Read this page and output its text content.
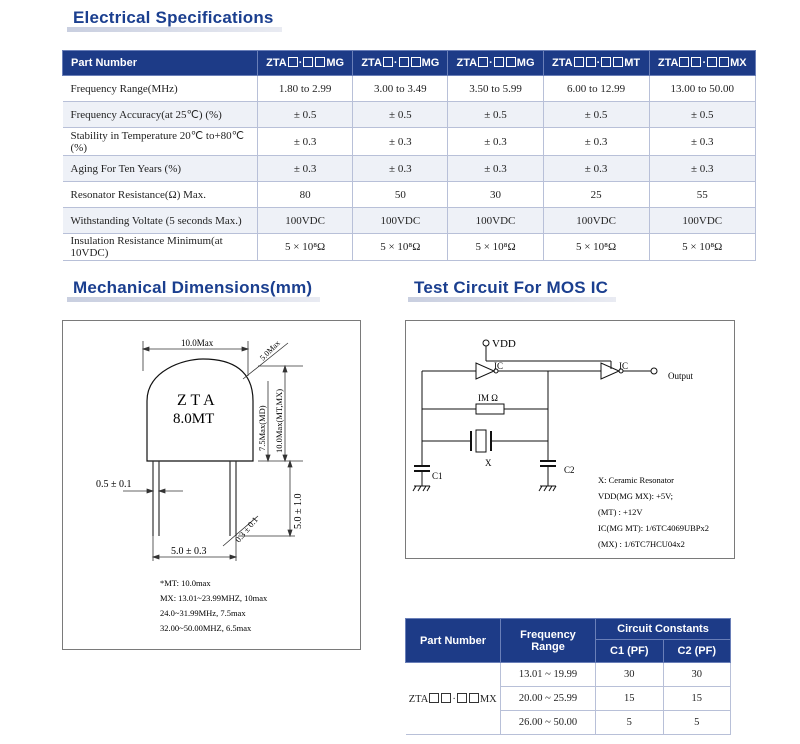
Electrical Specifications
Mechanical Dimensions(mm)	Test Circuit For MOS IC
Part Number	ZTA · MG	ZTA · MG	ZTA · MG	ZTA · MT	ZTA · MX
Frequency Range(MHz)	1.80 to 2.99	3.00 to 3.49	3.50 to 5.99	6.00 to 12.99	13.00 to 50.00
Frequency Accuracy(at 25℃) (%)	± 0.5	± 0.5	± 0.5	± 0.5	± 0.5
Stability in Temperature 20℃ to+80℃(%)	± 0.3	± 0.3	± 0.3	± 0.3	± 0.3
Aging For Ten Years (%)	± 0.3	± 0.3	± 0.3	± 0.3	± 0.3
Resonator Resistance(Ω) Max.	80	50	30	25	55
Withstanding Voltate (5 seconds Max.)	100VDC	100VDC	100VDC	100VDC	100VDC
Insulation Resistance Minimum(at 10VDC)	5 × 10⁸Ω	5 × 10⁸Ω	5 × 10⁸Ω	5 × 10⁸Ω	5 × 10⁸Ω
10.0Max	5.0Max
Z T A
8.0MT	7.5Max(MD) 10.0Max(MT,MX)
0.5 ± 0.1
5.0 ± 1.0
5.0 ± 0.3
0.3 ± 0.1
*MT: 10.0max
MX: 13.01~23.99MHZ, 10max
24.0~31.99MHz, 7.5max
32.00~50.00MHZ, 6.5max
VDD
IC	IC
Output
IM Ω
X
C1
C2
X: Ceramic Resonator
VDD(MG MX): +5V;
(MT) : +12V
IC(MG MT): 1/6TC4069UBPx2
(MX) : 1/6TC7HCU04x2
Part Number	Frequency Range	Circuit Constants	
		C1 (PF)	C2 (PF)
ZTA · MX	13.01 ~ 19.99	30	30
	20.00 ~ 25.99	15	15
	26.00 ~ 50.00	5	5
